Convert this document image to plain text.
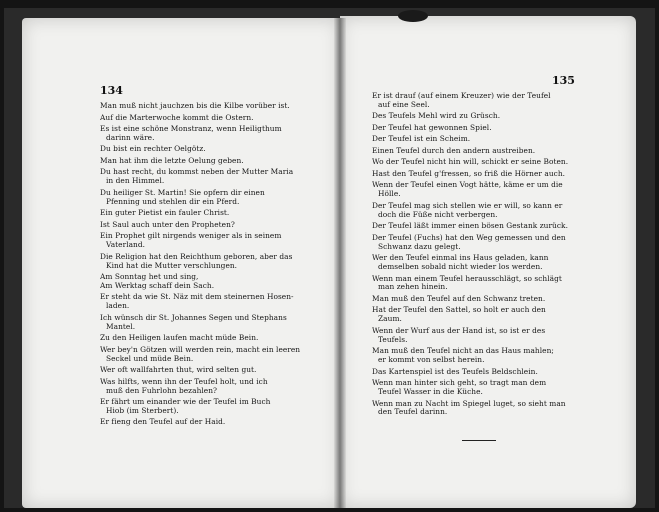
134
Man muß nicht jauchzen bis die Kilbe vorüber ist.
Auf die Marterwoche kommt die Ostern.
Es ist eine schöne Monstranz, wenn Heiligthum
darinn wäre.
Du bist ein rechter Oelgötz.
Man hat ihm die letzte Oelung geben.
Du hast recht, du kommst neben der Mutter Maria
in den Himmel.
Du heiliger St. Martin! Sie opfern dir einen
Pfenning und stehlen dir ein Pferd.
Ein guter Pietist ein fauler Christ.
Ist Saul auch unter den Propheten?
Ein Prophet gilt nirgends weniger als in seinem
Vaterland.
Die Religion hat den Reichthum geboren, aber das
Kind hat die Mutter verschlungen.
Am Sonntag het und sing,
Am Werktag schaff dein Sach.
Er steht da wie St. Näz mit dem steinernen Hosen-
laden.
Ich wünsch dir St. Johannes Segen und Stephans
Mantel.
Zu den Heiligen laufen macht müde Bein.
Wer bey'n Götzen will werden rein, macht ein leeren
Seckel und müde Bein.
Wer oft wallfahrten thut, wird selten gut.
Was hilfts, wenn ihn der Teufel holt, und ich
muß den Fuhrlohn bezahlen?
Er fährt um einander wie der Teufel im Buch
Hiob (im Sterbert).
Er fieng den Teufel auf der Haid.
135
Er ist drauf (auf einem Kreuzer) wie der Teufel
auf eine Seel.
Des Teufels Mehl wird zu Grüsch.
Der Teufel hat gewonnen Spiel.
Der Teufel ist ein Scheim.
Einen Teufel durch den andern austreiben.
Wo der Teufel nicht hin will, schickt er seine Boten.
Hast den Teufel g'fressen, so friß die Hörner auch.
Wenn der Teufel einen Vogt hätte, käme er um die
Hölle.
Der Teufel mag sich stellen wie er will, so kann er
doch die Füße nicht verbergen.
Der Teufel läßt immer einen bösen Gestank zurück.
Der Teufel (Fuchs) hat den Weg gemessen und den
Schwanz dazu gelegt.
Wer den Teufel einmal ins Haus geladen, kann
demselben sobald nicht wieder los werden.
Wenn man einem Teufel herausschlägt, so schlägt
man zehen hinein.
Man muß den Teufel auf den Schwanz treten.
Hat der Teufel den Sattel, so holt er auch den
Zaum.
Wenn der Wurf aus der Hand ist, so ist er des
Teufels.
Man muß den Teufel nicht an das Haus mahlen;
er kommt von selbst herein.
Das Kartenspiel ist des Teufels Beldschlein.
Wenn man hinter sich geht, so tragt man dem
Teufel Wasser in die Küche.
Wenn man zu Nacht im Spiegel luget, so sieht man
den Teufel darinn.
